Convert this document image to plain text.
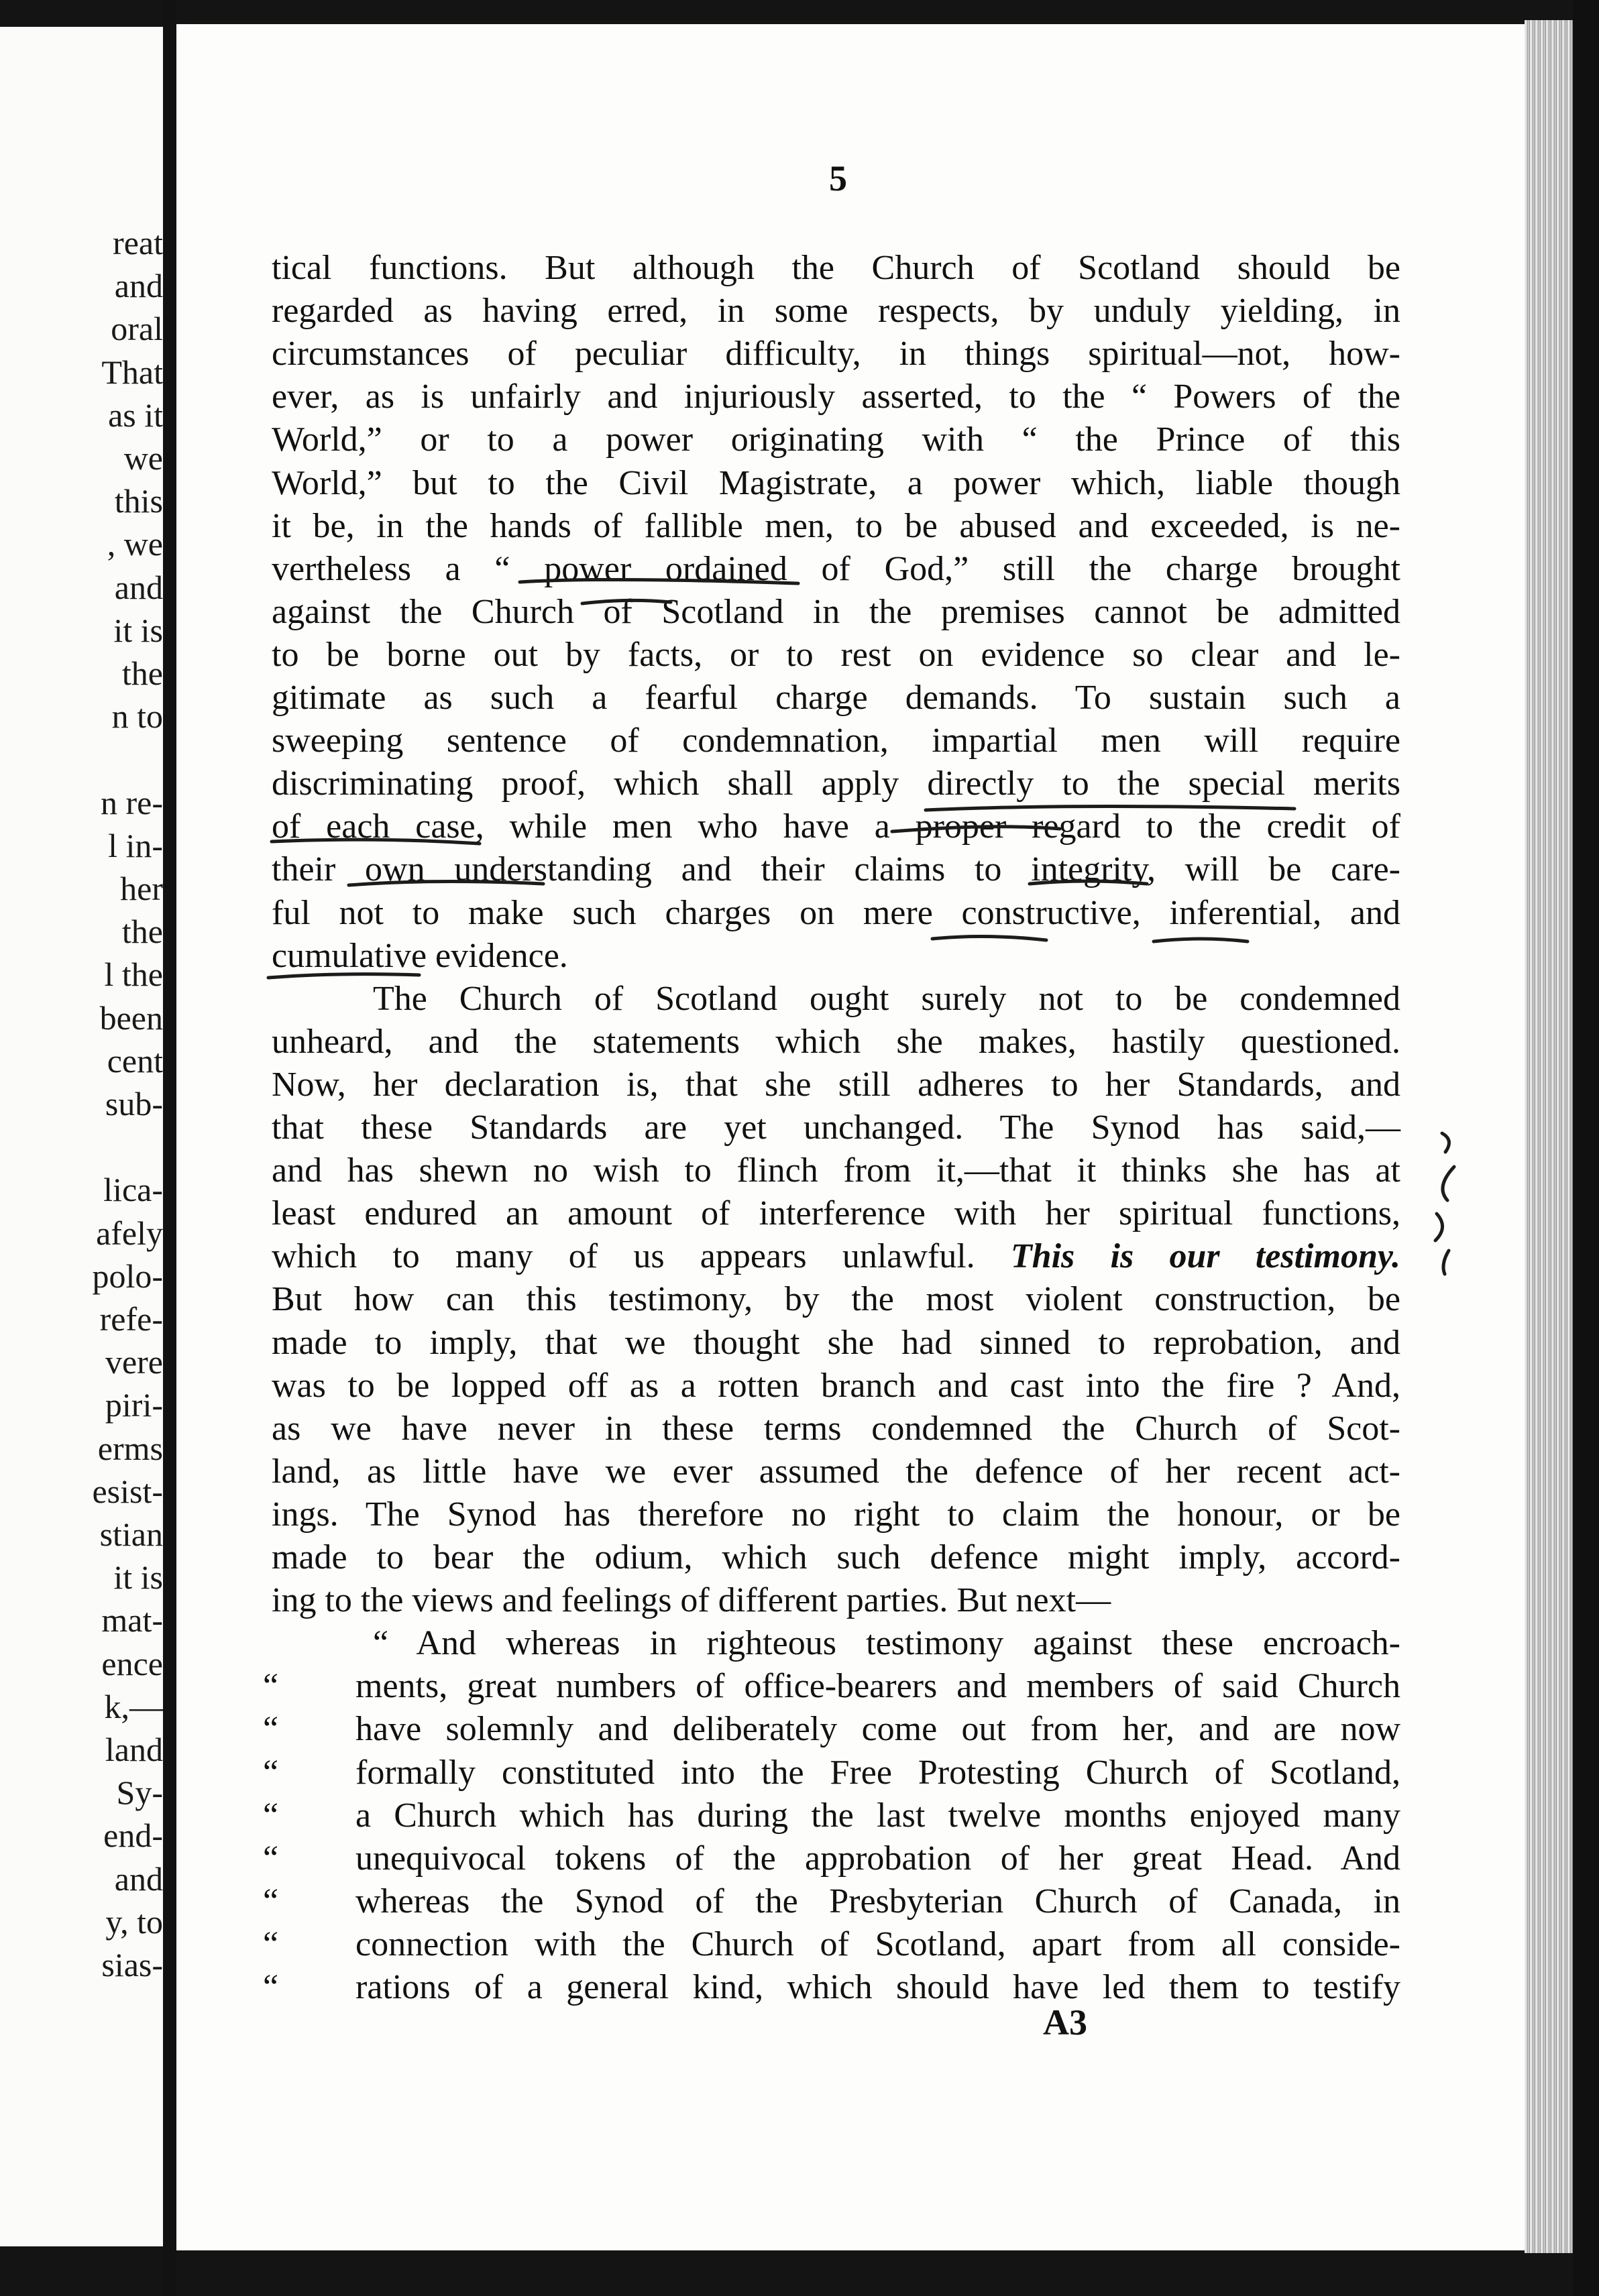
reat
and
oral
That
as it
we
this
, we
and
it is
the
n to
n re-
l in-
her
the
l the
been
cent
sub-
lica-
afely
polo-
refe-
vere
piri-
erms
esist-
stian
it is
mat-
ence
k,—
land
Sy-
end-
and
y, to
sias-
5
tical functions. But although the Church of Scotland should be
regarded as having erred, in some respects, by unduly yielding, in
circumstances of peculiar difficulty, in things spiritual—not, how-
ever, as is unfairly and injuriously asserted, to the “ Powers of the
World,” or to a power originating with “ the Prince of this
World,” but to the Civil Magistrate, a power which, liable though
it be, in the hands of fallible men, to be abused and exceeded, is ne-
vertheless a “ power ordained of God,” still the charge brought
against the Church of Scotland in the premises cannot be admitted
to be borne out by facts, or to rest on evidence so clear and le-
gitimate as such a fearful charge demands. To sustain such a
sweeping sentence of condemnation, impartial men will require
discriminating proof, which shall apply directly to the special merits
of each case, while men who have a proper regard to the credit of
their own understanding and their claims to integrity, will be care-
ful not to make such charges on mere constructive, inferential, and
cumulative evidence.
The Church of Scotland ought surely not to be condemned
unheard, and the statements which she makes, hastily questioned.
Now, her declaration is, that she still adheres to her Standards, and
that these Standards are yet unchanged. The Synod has said,—
and has shewn no wish to flinch from it,—that it thinks she has at
least endured an amount of interference with her spiritual functions,
which to many of us appears unlawful. This is our testimony.
But how can this testimony, by the most violent construction, be
made to imply, that we thought she had sinned to reprobation, and
was to be lopped off as a rotten branch and cast into the fire ? And,
as we have never in these terms condemned the Church of Scot-
land, as little have we ever assumed the defence of her recent act-
ings. The Synod has therefore no right to claim the honour, or be
made to bear the odium, which such defence might imply, accord-
ing to the views and feelings of different parties. But next—
“ And whereas in righteous testimony against these encroach-
ments, great numbers of office-bearers and members of said Church
“
have solemnly and deliberately come out from her, and are now
“
formally constituted into the Free Protesting Church of Scotland,
“
a Church which has during the last twelve months enjoyed many
“
unequivocal tokens of the approbation of her great Head. And
“
whereas the Synod of the Presbyterian Church of Canada, in
“
connection with the Church of Scotland, apart from all conside-
“
rations of a general kind, which should have led them to testify
“
A3
